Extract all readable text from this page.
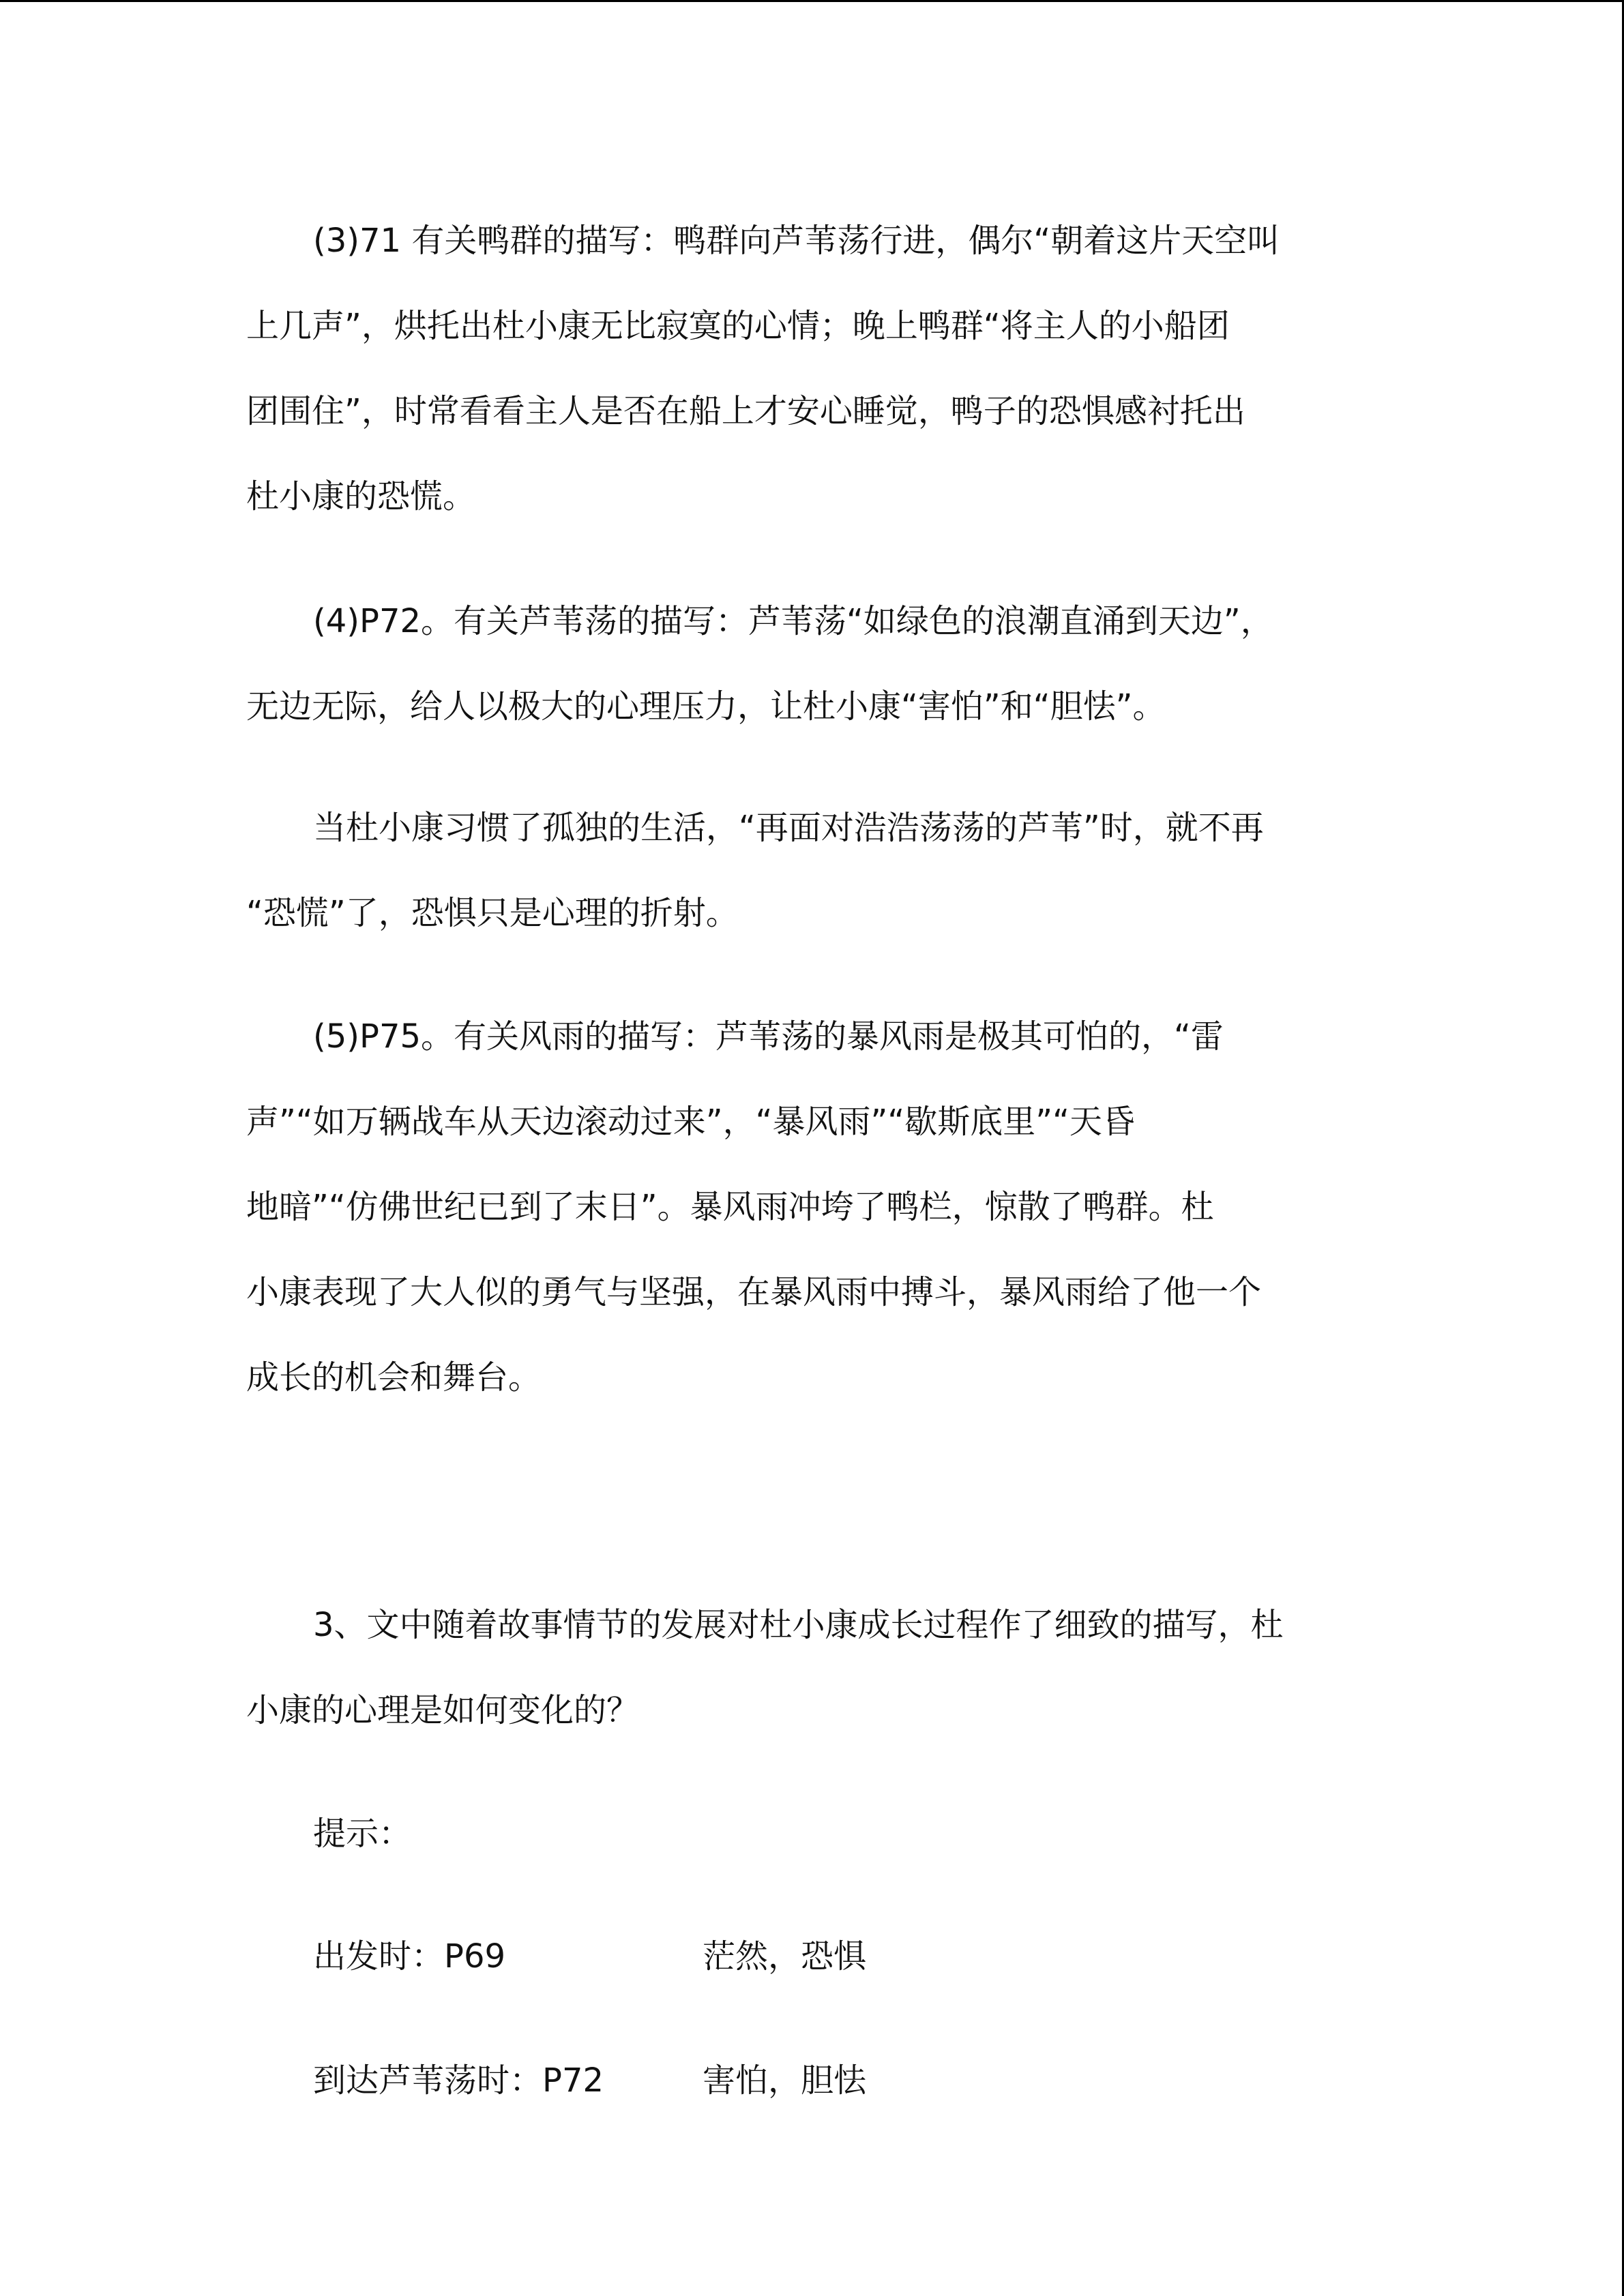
(3)71 有关鸭群的描写：鸭群向芦苇荡行进，偶尔“朝着这片天空叫
上几声”，烘托出杜小康无比寂寞的心情；晚上鸭群“将主人的小船团
团围住”，时常看看主人是否在船上才安心睡觉，鸭子的恐惧感衬托出
杜小康的恐慌。
(4)P72。有关芦苇荡的描写：芦苇荡“如绿色的浪潮直涌到天边”，
无边无际，给人以极大的心理压力，让杜小康“害怕”和“胆怯”。
当杜小康习惯了孤独的生活，“再面对浩浩荡荡的芦苇”时，就不再
“恐慌”了，恐惧只是心理的折射。
(5)P75。有关风雨的描写：芦苇荡的暴风雨是极其可怕的，“雷
声”“如万辆战车从天边滚动过来”，“暴风雨”“歇斯底里”“天昏
地暗”“仿佛世纪已到了末日”。暴风雨冲垮了鸭栏，惊散了鸭群。杜
小康表现了大人似的勇气与坚强，在暴风雨中搏斗，暴风雨给了他一个
成长的机会和舞台。
3、文中随着故事情节的发展对杜小康成长过程作了细致的描写，杜
小康的心理是如何变化的？
提示：
出发时：P69	茫然，恐惧
到达芦苇荡时：P72	害怕，胆怯
